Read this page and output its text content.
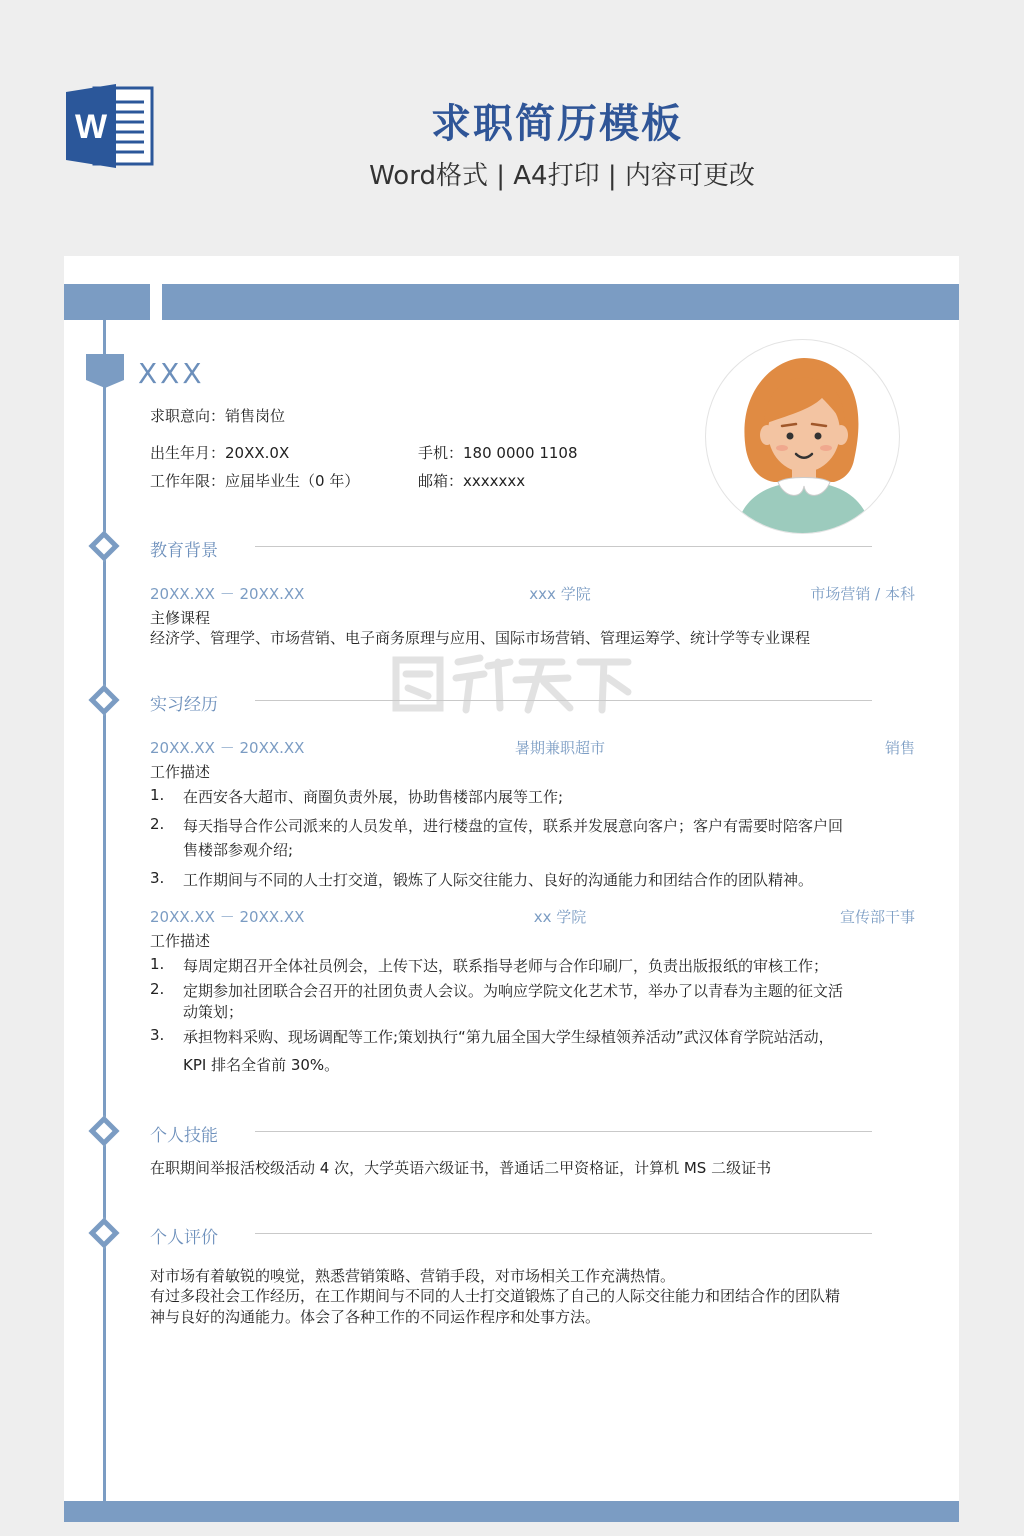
W	求职简历模板
Word格式 | A4打印 | 内容可更改
XXX
求职意向：销售岗位
出生年月：20XX.0X	手机：180 0000 1108
工作年限：应届毕业生（0 年）	邮箱：xxxxxxx
教育背景
20XX.XX － 20XX.XX	xxx 学院	市场营销 / 本科
主修课程
经济学、管理学、市场营销、电子商务原理与应用、国际市场营销、管理运筹学、统计学等专业课程
实习经历
20XX.XX － 20XX.XX	暑期兼职超市	销售
工作描述
1. 在西安各大超市、商圈负责外展，协助售楼部内展等工作;
2. 每天指导合作公司派来的人员发单，进行楼盘的宣传，联系并发展意向客户；客户有需要时陪客户回
售楼部参观介绍;
3. 工作期间与不同的人士打交道，锻炼了人际交往能力、良好的沟通能力和团结合作的团队精神。
20XX.XX － 20XX.XX	xx 学院	宣传部干事
工作描述
1. 每周定期召开全体社员例会，上传下达，联系指导老师与合作印刷厂，负责出版报纸的审核工作；
2. 定期参加社团联合会召开的社团负责人会议。为响应学院文化艺术节，举办了以青春为主题的征文活
动策划；
3. 承担物料采购、现场调配等工作;策划执行“第九届全国大学生绿植领养活动”武汉体育学院站活动，
KPI 排名全省前 30%。
个人技能
在职期间举报活校级活动 4 次，大学英语六级证书，普通话二甲资格证，计算机 MS 二级证书
个人评价
对市场有着敏锐的嗅觉，熟悉营销策略、营销手段，对市场相关工作充满热情。
有过多段社会工作经历，在工作期间与不同的人士打交道锻炼了自己的人际交往能力和团结合作的团队精
神与良好的沟通能力。体会了各种工作的不同运作程序和处事方法。
